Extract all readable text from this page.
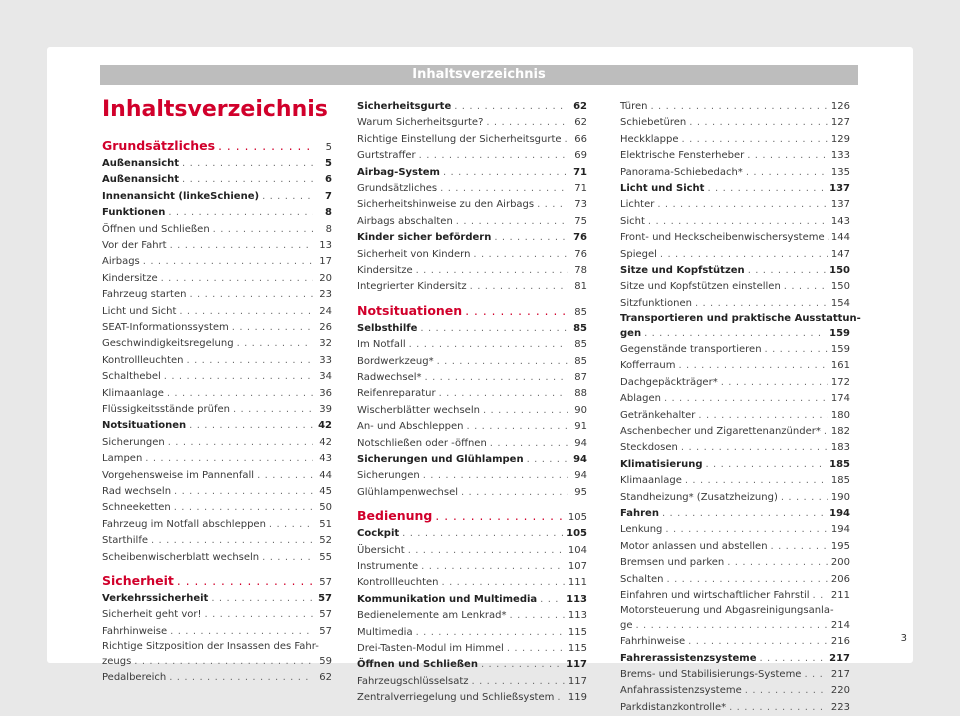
Inhaltsverzeichnis
Inhaltsverzeichnis
Grundsätzliches . . .	5
Außenansicht . . .	5
Außenansicht . . .	6
Innenansicht (linkeSchiene) . . .	7
Funktionen . . .	8
Öffnen und Schließen . . .	8
Vor der Fahrt . . .	13
Airbags . . .	17
Kindersitze . . .	20
Fahrzeug starten . . .	23
Licht und Sicht . . .	24
SEAT-Informationssystem . . .	26
Geschwindigkeitsregelung . . .	32
Kontrollleuchten . . .	33
Schalthebel . . .	34
Klimaanlage . . .	36
Flüssigkeitsstände prüfen . . .	39
Notsituationen . . .	42
Sicherungen . . .	42
Lampen . . .	43
Vorgehensweise im Pannenfall . . .	44
Rad wechseln . . .	45
Schneeketten . . .	50
Fahrzeug im Notfall abschleppen . . .	51
Starthilfe . . .	52
Scheibenwischerblatt wechseln . . .	55
Sicherheit . . .	57
Verkehrssicherheit . . .	57
Sicherheit geht vor! . . .	57
Fahrhinweise . . .	57
Richtige Sitzposition der Insassen des Fahr-
zeugs . . .	59
Pedalbereich . . .	62
Sicherheitsgurte . . .	62
Warum Sicherheitsgurte? . . .	62
Richtige Einstellung der Sicherheitsgurte . . .	66
Gurtstraffer . . .	69
Airbag-System . . .	71
Grundsätzliches . . .	71
Sicherheitshinweise zu den Airbags . . .	73
Airbags abschalten . . .	75
Kinder sicher befördern . . .	76
Sicherheit von Kindern . . .	76
Kindersitze . . .	78
Integrierter Kindersitz . . .	81
Notsituationen . . .	85
Selbsthilfe . . .	85
Im Notfall . . .	85
Bordwerkzeug* . . .	85
Radwechsel* . . .	87
Reifenreparatur . . .	88
Wischerblätter wechseln . . .	90
An- und Abschleppen . . .	91
Notschließen oder -öffnen . . .	94
Sicherungen und Glühlampen . . .	94
Sicherungen . . .	94
Glühlampenwechsel . . .	95
Bedienung . . .	105
Cockpit . . .	105
Übersicht . . .	104
Instrumente . . .	107
Kontrollleuchten . . .	111
Kommunikation und Multimedia . . .	113
Bedienelemente am Lenkrad* . . .	113
Multimedia . . .	115
Drei-Tasten-Modul im Himmel . . .	115
Öffnen und Schließen . . .	117
Fahrzeugschlüsselsatz . . .	117
Zentralverriegelung und Schließsystem . . . 119
Türen . . .	126
Schiebetüren . . .	127
Heckklappe . . .	129
Elektrische Fensterheber . . .	133
Panorama-Schiebedach* . . .	135
Licht und Sicht . . .	137
Lichter . . .	137
Sicht . . .	143
Front- und Heckscheibenwischersysteme . . . 144
Spiegel . . .	147
Sitze und Kopfstützen . . .	150
Sitze und Kopfstützen einstellen . . .	150
Sitzfunktionen . . .	154
Transportieren und praktische Ausstattun-
gen . . .	159
Gegenstände transportieren . . .	159
Kofferraum . . .	161
Dachgepäckträger* . . .	172
Ablagen . . .	174
Getränkehalter . . .	180
Aschenbecher und Zigarettenanzünder* . . . 182
Steckdosen . . .	183
Klimatisierung . . .	185
Klimaanlage . . .	185
Standheizung* (Zusatzheizung) . . .	190
Fahren . . .	194
Lenkung . . .	194
Motor anlassen und abstellen . . .	195
Bremsen und parken . . .	200
Schalten . . .	206
Einfahren und wirtschaftlicher Fahrstil . . . 211
Motorsteuerung und Abgasreinigungsanla-
ge . . .	214
Fahrhinweise . . .	216
Fahrerassistenzsysteme . . .	217
Brems- und Stabilisierungs-Systeme . . .	217
Anfahrassistenzsysteme . . .	220
Parkdistanzkontrolle* . . .	223
3
